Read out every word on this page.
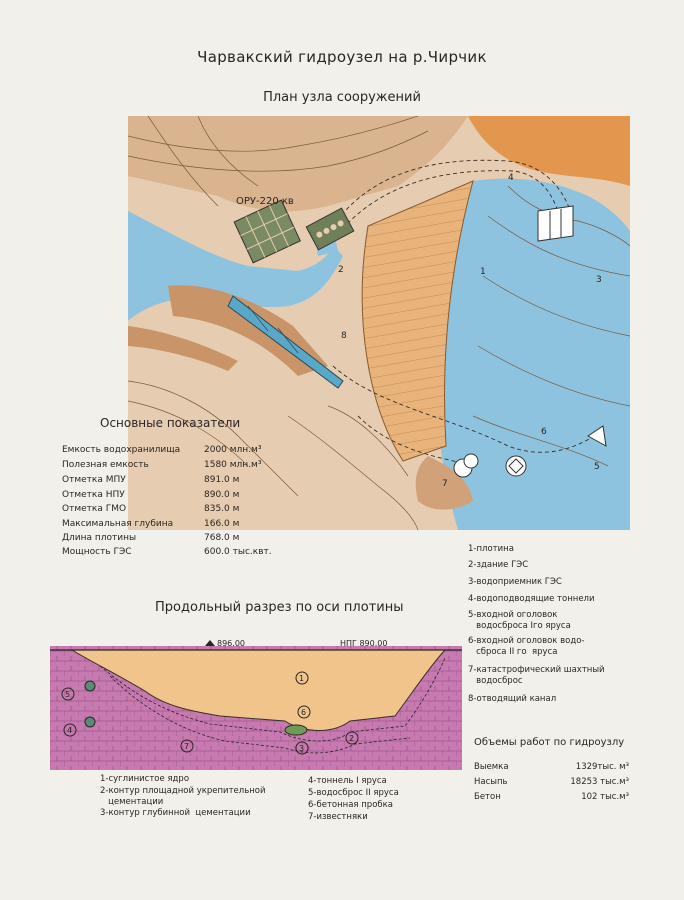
Чарвакский гидроузел на р.Чирчик
План узла сооружений
ОРУ-220 кв
1
2
3
4
5
6
7
8
Основные показатели
Емкость водохранилища	2000 млн.м³
Полезная емкость	1580 млн.м³
Отметка МПУ	891.0 м
Отметка НПУ	890.0 м
Отметка ГМО	835.0 м
Максимальная глубина	166.0 м
Длина плотины	768.0 м
Мощность ГЭС	600.0 тыс.квт.	1-плотина
2-здание ГЭС
3-водоприемник ГЭС
4-водоподводящие тоннели
5-входной оголовок
водосброса Iго яруса
6-входной оголовок водо-
сброса II го  яруса
7-катастрофический шахтный
водосброс
8-отводящий канал
Продольный разрез по оси плотины
896.00	НПГ 890.00
1
2
3
4
5
6
7
1-суглинистое ядро
2-контур площадной укрепительной
цементации
3-контур глубинной  цементации
4-тоннель I яруса
5-водосброс II яруса
6-бетонная пробка
7-известняки
Объемы работ по гидроузлу
Выемка	1329тыс. м³
Насыпь	18253 тыс.м³
Бетон	102 тыс.м³
